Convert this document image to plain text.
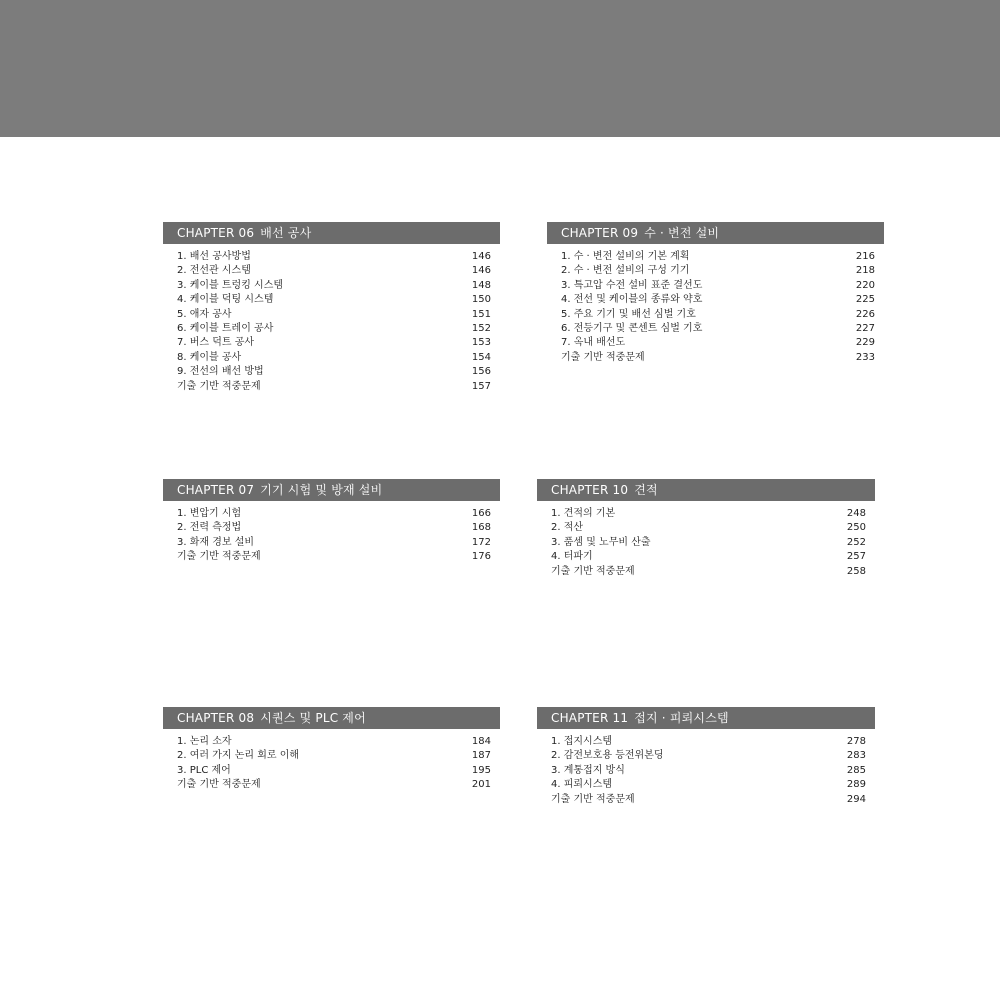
CHAPTER 06 배선 공사
1. 배선 공사방법	146
2. 전선관 시스템	146
3. 케이블 트렁킹 시스템	148
4. 케이블 덕팅 시스템	150
5. 애자 공사	151
6. 케이블 트레이 공사	152
7. 버스 덕트 공사	153
8. 케이블 공사	154
9. 전선의 배선 방법	156
기출 기반 적중문제	157
CHAPTER 09 수 · 변전 설비
1. 수 · 변전 설비의 기본 계획	216
2. 수 · 변전 설비의 구성 기기	218
3. 특고압 수전 설비 표준 결선도	220
4. 전선 및 케이블의 종류와 약호	225
5. 주요 기기 및 배선 심벌 기호	226
6. 전등기구 및 콘센트 심벌 기호	227
7. 옥내 배선도	229
기출 기반 적중문제	233
CHAPTER 07 기기 시험 및 방재 설비
1. 변압기 시험	166
2. 전력 측정법	168
3. 화재 경보 설비	172
기출 기반 적중문제	176
CHAPTER 10 견적
1. 견적의 기본	248
2. 적산	250
3. 품셈 및 노무비 산출	252
4. 터파기	257
기출 기반 적중문제	258
CHAPTER 08 시퀀스 및 PLC 제어
1. 논리 소자	184
2. 여러 가지 논리 회로 이해	187
3. PLC 제어	195
기출 기반 적중문제	201
CHAPTER 11 접지 · 피뢰시스템
1. 접지시스템	278
2. 감전보호용 등전위본딩	283
3. 계통접지 방식	285
4. 피뢰시스템	289
기출 기반 적중문제	294
